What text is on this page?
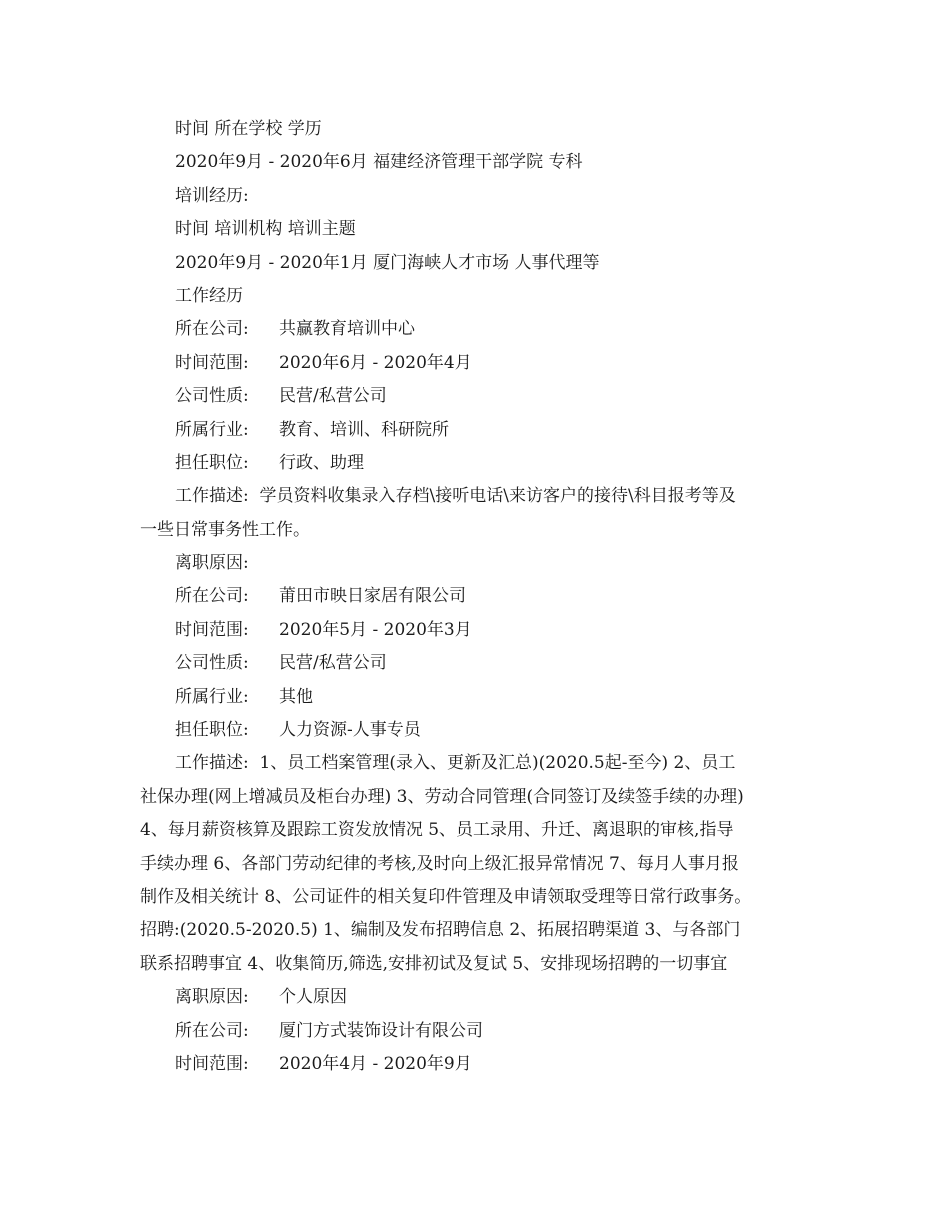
时间 所在学校 学历
2020年9月 - 2020年6月 福建经济管理干部学院 专科
培训经历:
时间 培训机构 培训主题
2020年9月 - 2020年1月 厦门海峡人才市场 人事代理等
工作经历
所在公司: 共赢教育培训中心
时间范围: 2020年6月 - 2020年4月
公司性质: 民营/私营公司
所属行业: 教育、培训、科研院所
担任职位: 行政、助理
工作描述:  学员资料收集录入存档\接听电话\来访客户的接待\科目报考等及
一些日常事务性工作。
离职原因:
所在公司: 莆田市映日家居有限公司
时间范围: 2020年5月 - 2020年3月
公司性质: 民营/私营公司
所属行业: 其他
担任职位: 人力资源-人事专员
工作描述:  1、员工档案管理(录入、更新及汇总)(2020.5起-至今) 2、员工
社保办理(网上增减员及柜台办理) 3、劳动合同管理(合同签订及续签手续的办理)
4、每月薪资核算及跟踪工资发放情况 5、员工录用、升迁、离退职的审核,指导
手续办理 6、各部门劳动纪律的考核,及时向上级汇报异常情况 7、每月人事月报
制作及相关统计 8、公司证件的相关复印件管理及申请领取受理等日常行政事务。
招聘:(2020.5-2020.5) 1、编制及发布招聘信息 2、拓展招聘渠道 3、与各部门
联系招聘事宜 4、收集简历,筛选,安排初试及复试 5、安排现场招聘的一切事宜
离职原因: 个人原因
所在公司: 厦门方式装饰设计有限公司
时间范围: 2020年4月 - 2020年9月
